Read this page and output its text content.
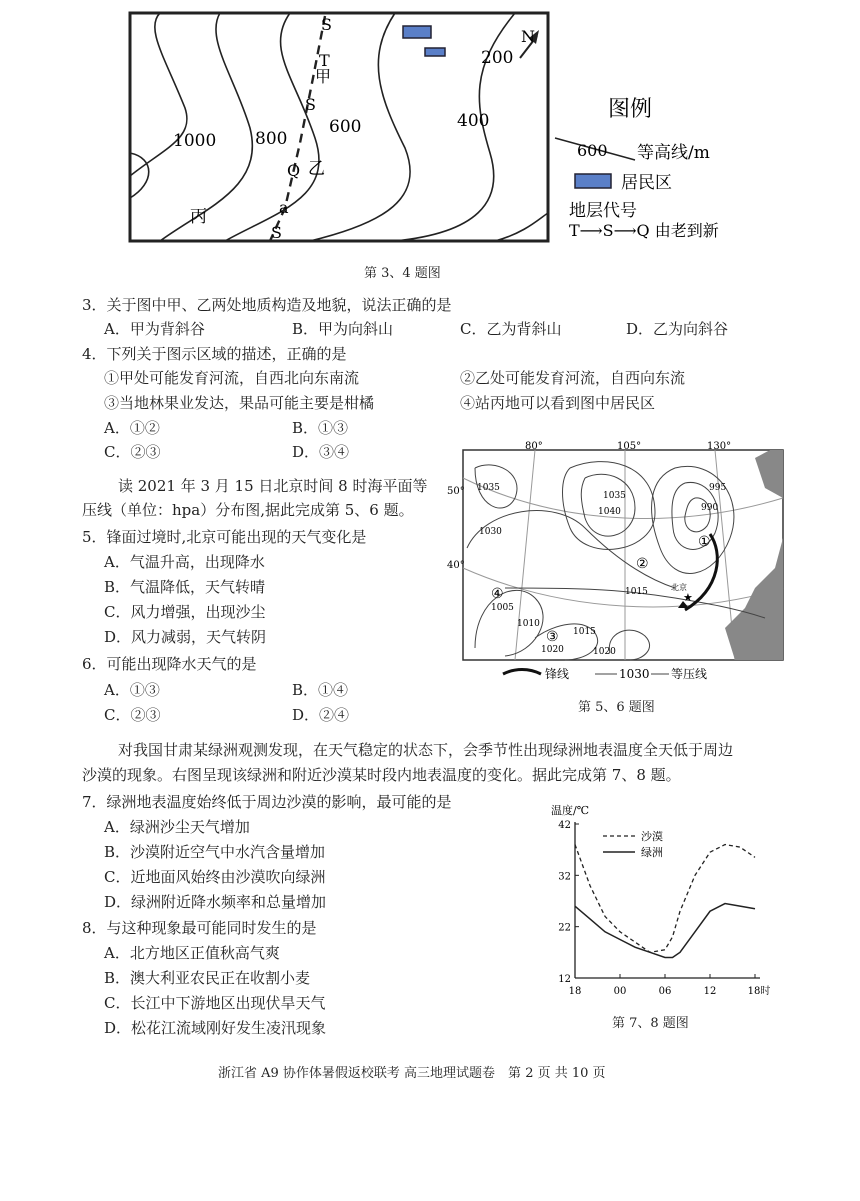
1000 800
600	400
200
N
S
T
S
Q
a
S
甲
乙
丙
图例
600 等高线/m
居民区
地层代号
T⟶S⟶Q 由老到新
第 3、4 题图
3．关于图中甲、乙两处地质构造及地貌，说法正确的是
A．甲为背斜谷	B．甲为向斜山	C．乙为背斜山	D．乙为向斜谷
4．下列关于图示区域的描述，正确的是
①甲处可能发育河流，自西北向东南流	②乙处可能发育河流，自西向东流
③当地林果业发达，果品可能主要是柑橘	④站丙地可以看到图中居民区
A．①②	B．①③
C．②③	D．③④
读 2021 年 3 月 15 日北京时间 8 时海平面等
压线（单位：hpa）分布图,据此完成第 5、6 题。
5．锋面过境时,北京可能出现的天气变化是
A．气温升高，出现降水
B．气温降低，天气转晴
C．风力增强，出现沙尘
D．风力减弱，天气转阴
6．可能出现降水天气的是
A．①③	B．①④
C．②③	D．②④
80°	105°	130°
50°
40°
1035
1030
1035
1040
995
990
1015
1005
1010
1015
1020	1020
①
②
③
④	北京
★
锋线	1030 等压线
第 5、6 题图
对我国甘肃某绿洲观测发现，在天气稳定的状态下，会季节性出现绿洲地表温度全天低于周边
沙漠的现象。右图呈现该绿洲和附近沙漠某时段内地表温度的变化。据此完成第 7、8 题。
7．绿洲地表温度始终低于周边沙漠的影响，最可能的是
A．绿洲沙尘天气增加
B．沙漠附近空气中水汽含量增加
C．近地面风始终由沙漠吹向绿洲
D．绿洲附近降水频率和总量增加
8．与这种现象最可能同时发生的是
A．北方地区正值秋高气爽
B．澳大利亚农民正在收割小麦
C．长江中下游地区出现伏旱天气
D．松花江流域刚好发生凌汛现象
温度/℃
42
32
22
12
18	00	06	12	18时
沙漠
绿洲
第 7、8 题图
浙江省 A9 协作体暑假返校联考 高三地理试题卷　第 2 页 共 10 页
